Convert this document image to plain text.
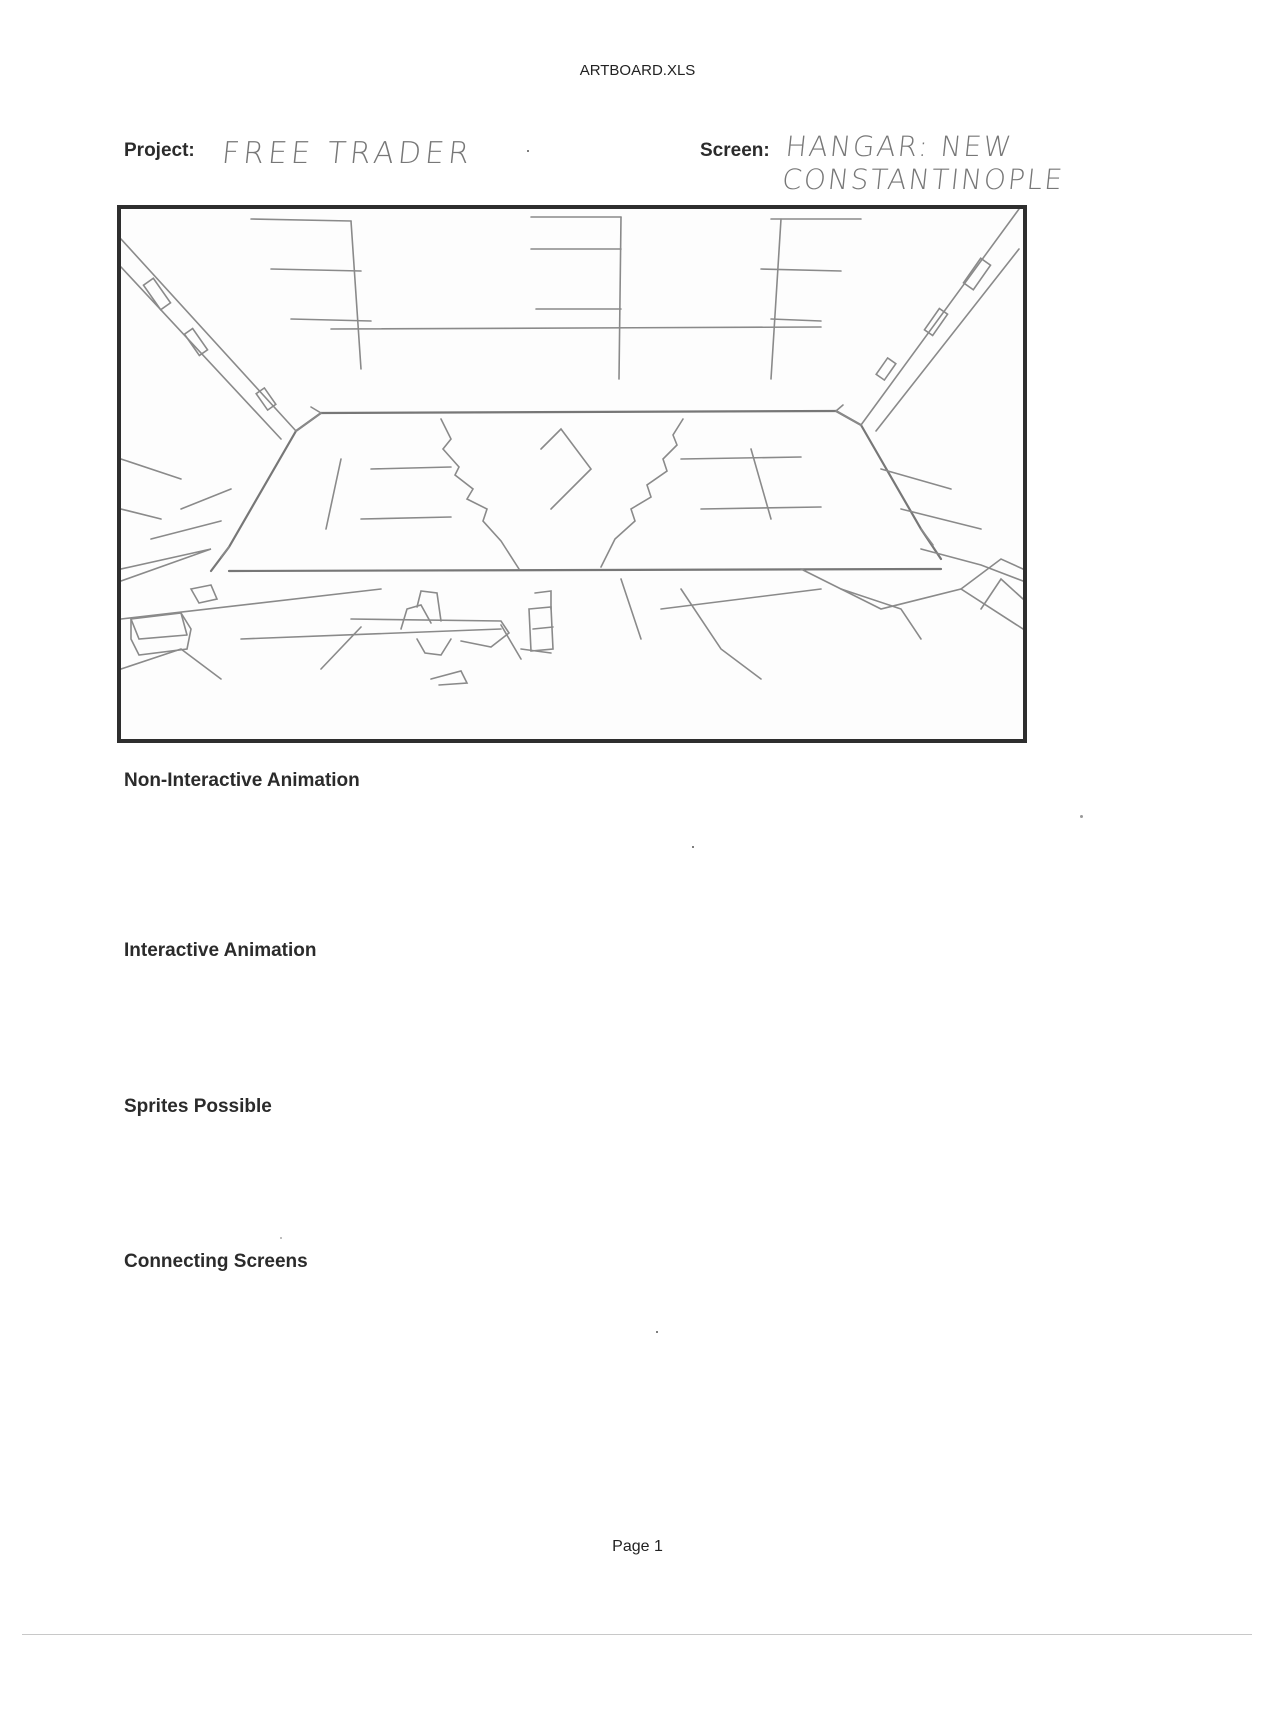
ARTBOARD.XLS
Project: FREE TRADER	Screen: HANGAR: NEW CONSTANTINOPLE
Non-Interactive Animation
Interactive Animation
Sprites Possible
Connecting Screens
Page 1
